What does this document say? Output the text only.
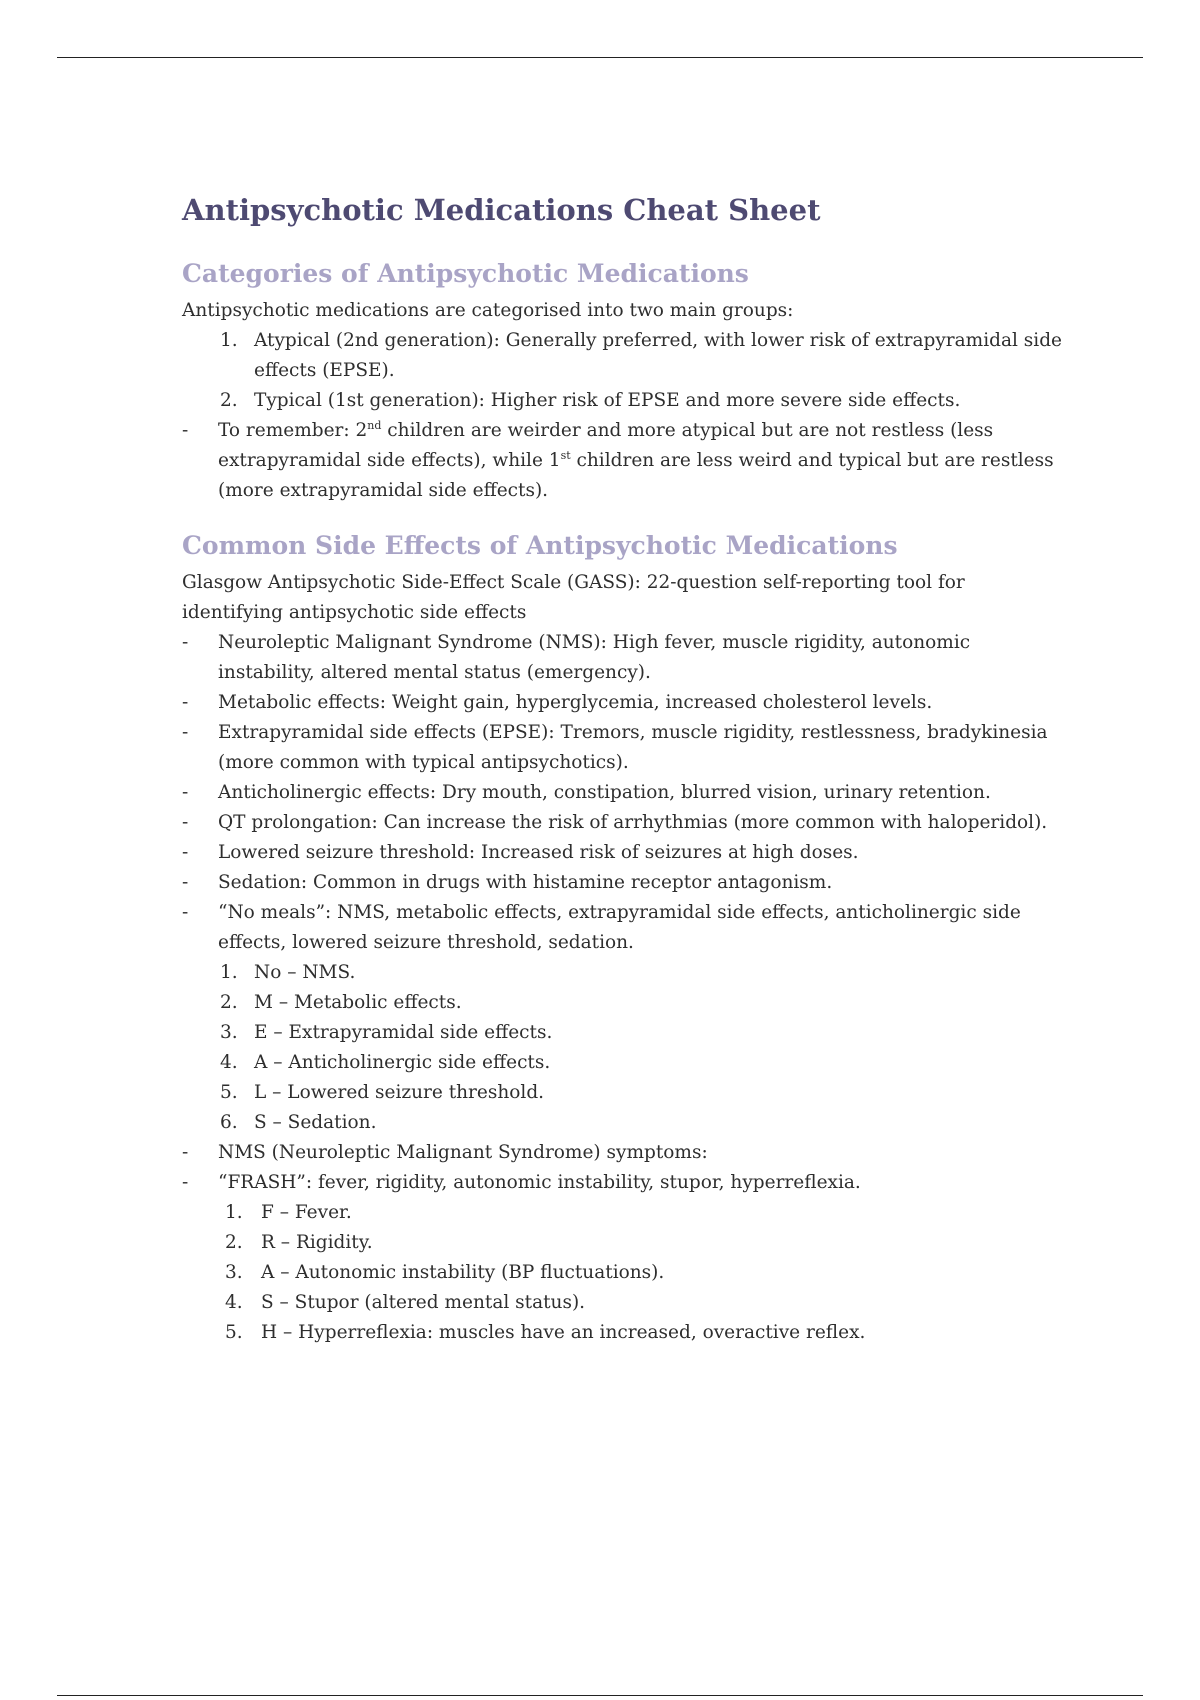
Antipsychotic Medications Cheat Sheet
Categories of Antipsychotic Medications
Antipsychotic medications are categorised into two main groups:
1. Atypical (2nd generation): Generally preferred, with lower risk of extrapyramidal side effects (EPSE).
2. Typical (1st generation): Higher risk of EPSE and more severe side effects.
- To remember: 2nd children are weirder and more atypical but are not restless (less extrapyramidal side effects), while 1st children are less weird and typical but are restless (more extrapyramidal side effects).
Common Side Effects of Antipsychotic Medications
Glasgow Antipsychotic Side-Effect Scale (GASS): 22-question self-reporting tool for identifying antipsychotic side effects
- Neuroleptic Malignant Syndrome (NMS): High fever, muscle rigidity, autonomic instability, altered mental status (emergency).
- Metabolic effects: Weight gain, hyperglycemia, increased cholesterol levels.
- Extrapyramidal side effects (EPSE): Tremors, muscle rigidity, restlessness, bradykinesia (more common with typical antipsychotics).
- Anticholinergic effects: Dry mouth, constipation, blurred vision, urinary retention.
- QT prolongation: Can increase the risk of arrhythmias (more common with haloperidol).
- Lowered seizure threshold: Increased risk of seizures at high doses.
- Sedation: Common in drugs with histamine receptor antagonism.
- “No meals”: NMS, metabolic effects, extrapyramidal side effects, anticholinergic side effects, lowered seizure threshold, sedation.
1. No – NMS.
2. M – Metabolic effects.
3. E – Extrapyramidal side effects.
4. A – Anticholinergic side effects.
5. L – Lowered seizure threshold.
6. S – Sedation.
- NMS (Neuroleptic Malignant Syndrome) symptoms:
- “FRASH”: fever, rigidity, autonomic instability, stupor, hyperreflexia.
1. F – Fever.
2. R – Rigidity.
3. A – Autonomic instability (BP fluctuations).
4. S – Stupor (altered mental status).
5. H – Hyperreflexia: muscles have an increased, overactive reflex.
